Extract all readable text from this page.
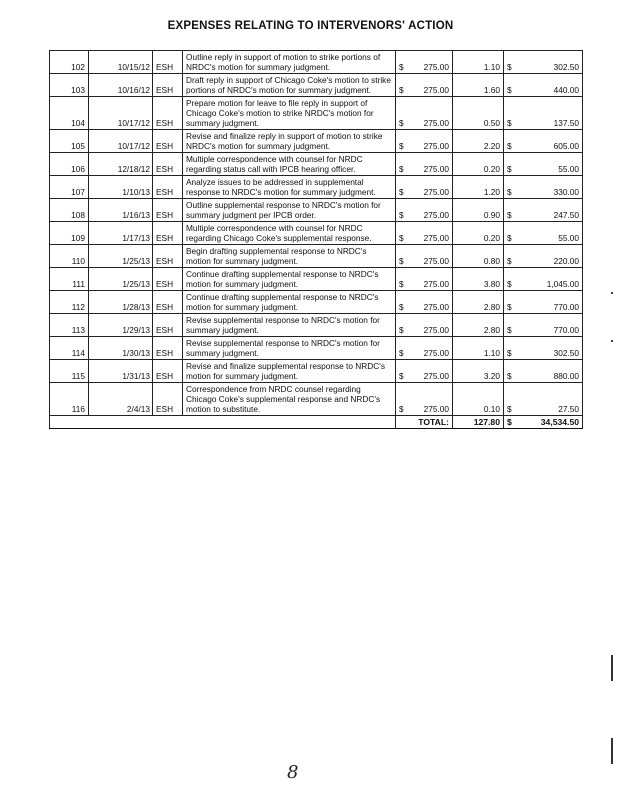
EXPENSES RELATING TO INTERVENORS' ACTION
102	10/15/12	ESH	Outline reply in support of motion to strike portions of NRDC's motion for summary judgment.	$ 275.00	1.10	$ 302.50

103	10/16/12	ESH	Draft reply in support of Chicago Coke's motion to strike portions of NRDC's motion for summary judgment.	$ 275.00	1.60	$ 440.00

104	10/17/12	ESH	Prepare motion for leave to file reply in support of Chicago Coke's motion to strike NRDC's motion for summary judgment.	$ 275.00	0.50	$ 137.50

105	10/17/12	ESH	Revise and finalize reply in support of motion to strike NRDC's motion for summary judgment.	$ 275.00	2.20	$ 605.00

106	12/18/12	ESH	Multiple correspondence with counsel for NRDC regarding status call with IPCB hearing officer.	$ 275.00	0.20	$ 55.00

107	1/10/13	ESH	Analyze issues to be addressed in supplemental response to NRDC's motion for summary judgment.	$ 275.00	1.20	$ 330.00

108	1/16/13	ESH	Outline supplemental response to NRDC's motion for summary judgment per IPCB order.	$ 275.00	0.90	$ 247.50

109	1/17/13	ESH	Multiple correspondence with counsel for NRDC regarding Chicago Coke's supplemental response.	$ 275.00	0.20	$ 55.00

110	1/25/13	ESH	Begin drafting supplemental response to NRDC's motion for summary judgment.	$ 275.00	0.80	$ 220.00

111	1/25/13	ESH	Continue drafting supplemental response to NRDC's motion for summary judgment.	$ 275.00	3.80	$ 1,045.00

112	1/28/13	ESH	Continue drafting supplemental response to NRDC's motion for summary judgment.	$ 275.00	2.80	$ 770.00

113	1/29/13	ESH	Revise supplemental response to NRDC's motion for summary judgment.	$ 275.00	2.80	$ 770.00

114	1/30/13	ESH	Revise supplemental response to NRDC's motion for summary judgment.	$ 275.00	1.10	$ 302.50

115	1/31/13	ESH	Revise and finalize supplemental response to NRDC's motion for summary judgment.	$ 275.00	3.20	$ 880.00

116	2/4/13	ESH	Correspondence from NRDC counsel regarding Chicago Coke's supplemental response and NRDC's motion to substitute.	$ 275.00	0.10	$ 27.50

				TOTAL:	127.80	$ 34,534.50
8
